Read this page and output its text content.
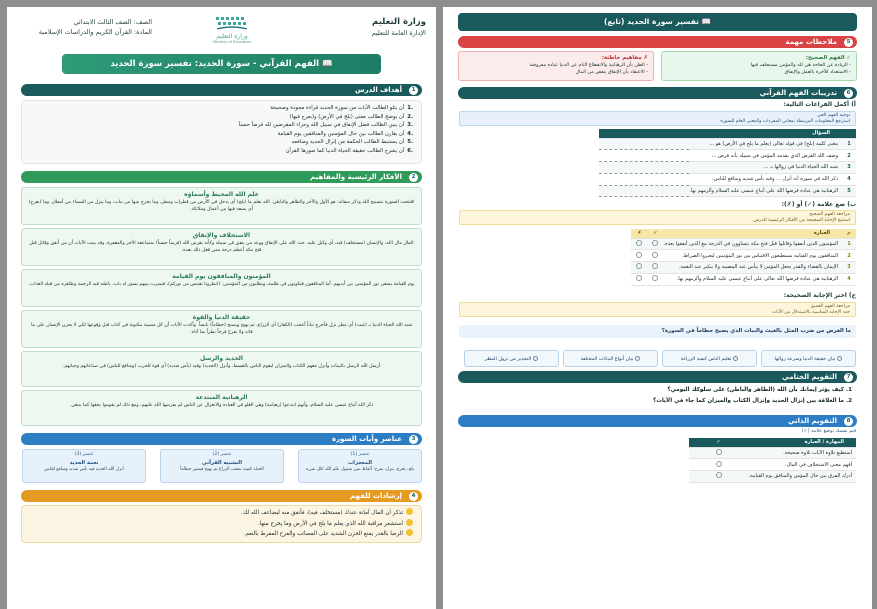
وزارة التعليم
الإدارة العامة للتعليم
وزارة التعليم
Ministry of Education
الصف: الصف الثالث الابتدائي
المادة: القرآن الكريم والدراسات الإسلامية
📖 الفهم القرآني - سورة الحديد: تفسير سورة الحديد
1
أهداف الدرس
.1أن يتلو الطالب الآيات من سورة الحديد قراءة مجودة وصحيحة
.2أن يوضح الطالب معنى (يلج في الأرض) و(يعرج فيها)
.3أن يبين الطالب فضل الإنفاق في سبيل الله وجزاء المقرضين لله قرضاً حسناً
.4أن يقارن الطالب بين حال المؤمنين والمنافقين يوم القيامة
.5أن يستنبط الطالب الحكمة من إنزال الحديد ومنافعه
.6أن يشرح الطالب حقيقة الحياة الدنيا كما صورها القرآن
2
الأفكار الرئيسية والمفاهيم
علم الله المحيط وأسماؤه
افتتحت السورة بتسبيح الله وذكر صفاته: هو الأول والآخر والظاهر والباطن. الله يعلم ما (يلج) أي يدخل في الأرض من قطرات ومطر، وما يخرج منها من نبات، وما ينزل من السماء من أمطار، وما (يعرج) أي يصعد فيها من أعمال وملائكة.
الاستخلاف والإنفاق
المال مال الله، والإنسان (مستخلف) فيه، أي وكيل عليه. حث الله على الإنفاق ووعد من ينفق في سبيله وكأنه يقرض الله (قرضاً حسناً) بمضاعفة الأجر والمغفرة، وقد بينت الآيات أن من أنفق وقاتل قبل فتح مكة أعظم درجة ممن فعل ذلك بعده.
المؤمنون والمنافقون يوم القيامة
يوم القيامة يسعى نور المؤمنين بين أيديهم. أما المنافقون فيكونون في ظلمة، ويطلبون من المؤمنين: (انظرونا نقتبس من نوركم)، فيضرب بينهم بسور له باب، باطنه فيه الرحمة وظاهره من قبله العذاب.
حقيقة الدنيا والقوة
شبه الله الحياة الدنيا بـ (غيث) أي مطر نزل فأخرج نباتاً أعجب (الكفار) أي الزراع، ثم يهيج ويصبح (حطاماً) يابساً. وأكدت الآيات أن كل مصيبة مكتوبة في كتاب قبل وقوعها لكي لا يحزن الإنسان على ما فاته ولا يفرح فرحاً بطراً بما آتاه.
الحديد والرسل
أرسل الله الرسل بالبينات وأنزل معهم الكتاب والميزان ليقوم الناس بالقسط. وأنزل (الحديد) وفيه (بأس شديد) أي قوة للحرب (ومنافع للناس) في صناعاتهم وحياتهم.
الرهبانية المبتدعة
ذكر الله أتباع عيسى عليه السلام، وأنهم ابتدعوا (رهبانية) وهي الغلو في العبادة والانعزال عن الناس لم يفرضها الله عليهم، ومع ذلك لم يقوموا بحقها كما ينبغي.
3
عناصر وآيات السورة
عنصر (1)
المعجزات
يلج، يخرج، ينزل، يعرج: ألفاظ تبين شمول علم الله لكل شيء
عنصر (2)
التشبيه القرآني
الحياة كغيث يعجب الزراع ثم يهيج فيصير حطاماً
عنصر (3)
نعمة الحديد
أنزل الله الحديد فيه بأس شديد ومنافع للناس
4
إرشادات للفهم
تذكر أن المال أمانة عندك (مستخلف فيه)، فأنفق منه ليضاعف الله لك.
استشعر مراقبة الله الذي يعلم ما يلج في الأرض وما يخرج منها.
الرضا بالقدر يمنع الحزن الشديد على المصائب والفرح المفرط بالنعم.
📖 تفسير سورة الحديد (تابع)
5
ملاحظات مهمة
✓ الفهم الصحيح:
- الزيادة عن الحاجة هي لله والمؤمن مستخلف فيها
- الاستعداد للآخرة بالعمل والإنفاق
✗ مفاهيم خاطئة:
- الظن بأن الرهبانية والانقطاع التام عن الدنيا عبادة مفروضة
- الاعتقاد بأن الإنفاق ينقص من المال
6
تدريبات الفهم القرآني
أ) أكمل الفراغات التالية:
توجيه الفهم الحي
استرجع المعلومات المرتبطة بمعاني المفردات والمعنى العام للسورة
م	السؤال	
1	معنى كلمة (يلج) في قوله تعالى (يعلم ما يلج في الأرض) هو ...	
2	وصف الله القرض الذي يقدمه المؤمن في سبيله بأنه قرض ...	
3	شبه الله الحياة الدنيا في زوالها بـ ...	
4	ذكر الله في سورة أنه أنزل ... وفيه بأس شديد ومنافع للناس.	
5	الرهبانية هي عبادة فرضها الله على أتباع عيسى عليه السلام وألزمهم بها.	
ب) ضع علامة (✓) أو (✗):
مراجعة الفهم الصحيح
استنتج الإجابة الصحيحة من الأفكار الرئيسية للدرس
م	العبارة	✓	✗
1	المؤمنون الذين أنفقوا وقاتلوا قبل فتح مكة يتساوون في الدرجة مع الذين أنفقوا بعده.		
2	المنافقون يوم القيامة يستطيعون الاقتباس من نور المؤمنين ليعبروا الصراط.		
3	الإيمان بالقضاء والقدر يجعل المؤمن لا ييأس عند المصيبة ولا يتكبر عند النعمة.		
4	الرهبانية هي عبادة فرضها الله تعالى على أتباع عيسى عليه السلام وألزمهم بها.		
ج) اختر الإجابة الصحيحة:
مراجعة الفهم العميق
حدد الإجابة المناسبة بالاستدلال من الآيات
ما الغرض من ضرب المثل بالغيث والنبات الذي يصبح حطاماً في السورة؟
بيان حقيقة الدنيا وسرعة زوالها
تعليم الناس كيفية الزراعة
بيان أنواع النباتات المختلفة
التحذير من نزول المطر
7
التقويم الختامي
1. كيف يؤثر إيمانك بأن الله (الظاهر والباطن) على سلوكك اليومي؟
2. ما العلاقة بين إنزال الحديد وإنزال الكتاب والميزان كما جاء في الآيات؟
8
التقويم الذاتي
قيم نفسك بوضع علامة (✓)
المهارة / العبارة	✓
أستطيع تلاوة الآيات تلاوة صحيحة.	
أفهم معنى الاستخلاف في المال.	
أدرك الفرق بين حال المؤمن والمنافق يوم القيامة.	
